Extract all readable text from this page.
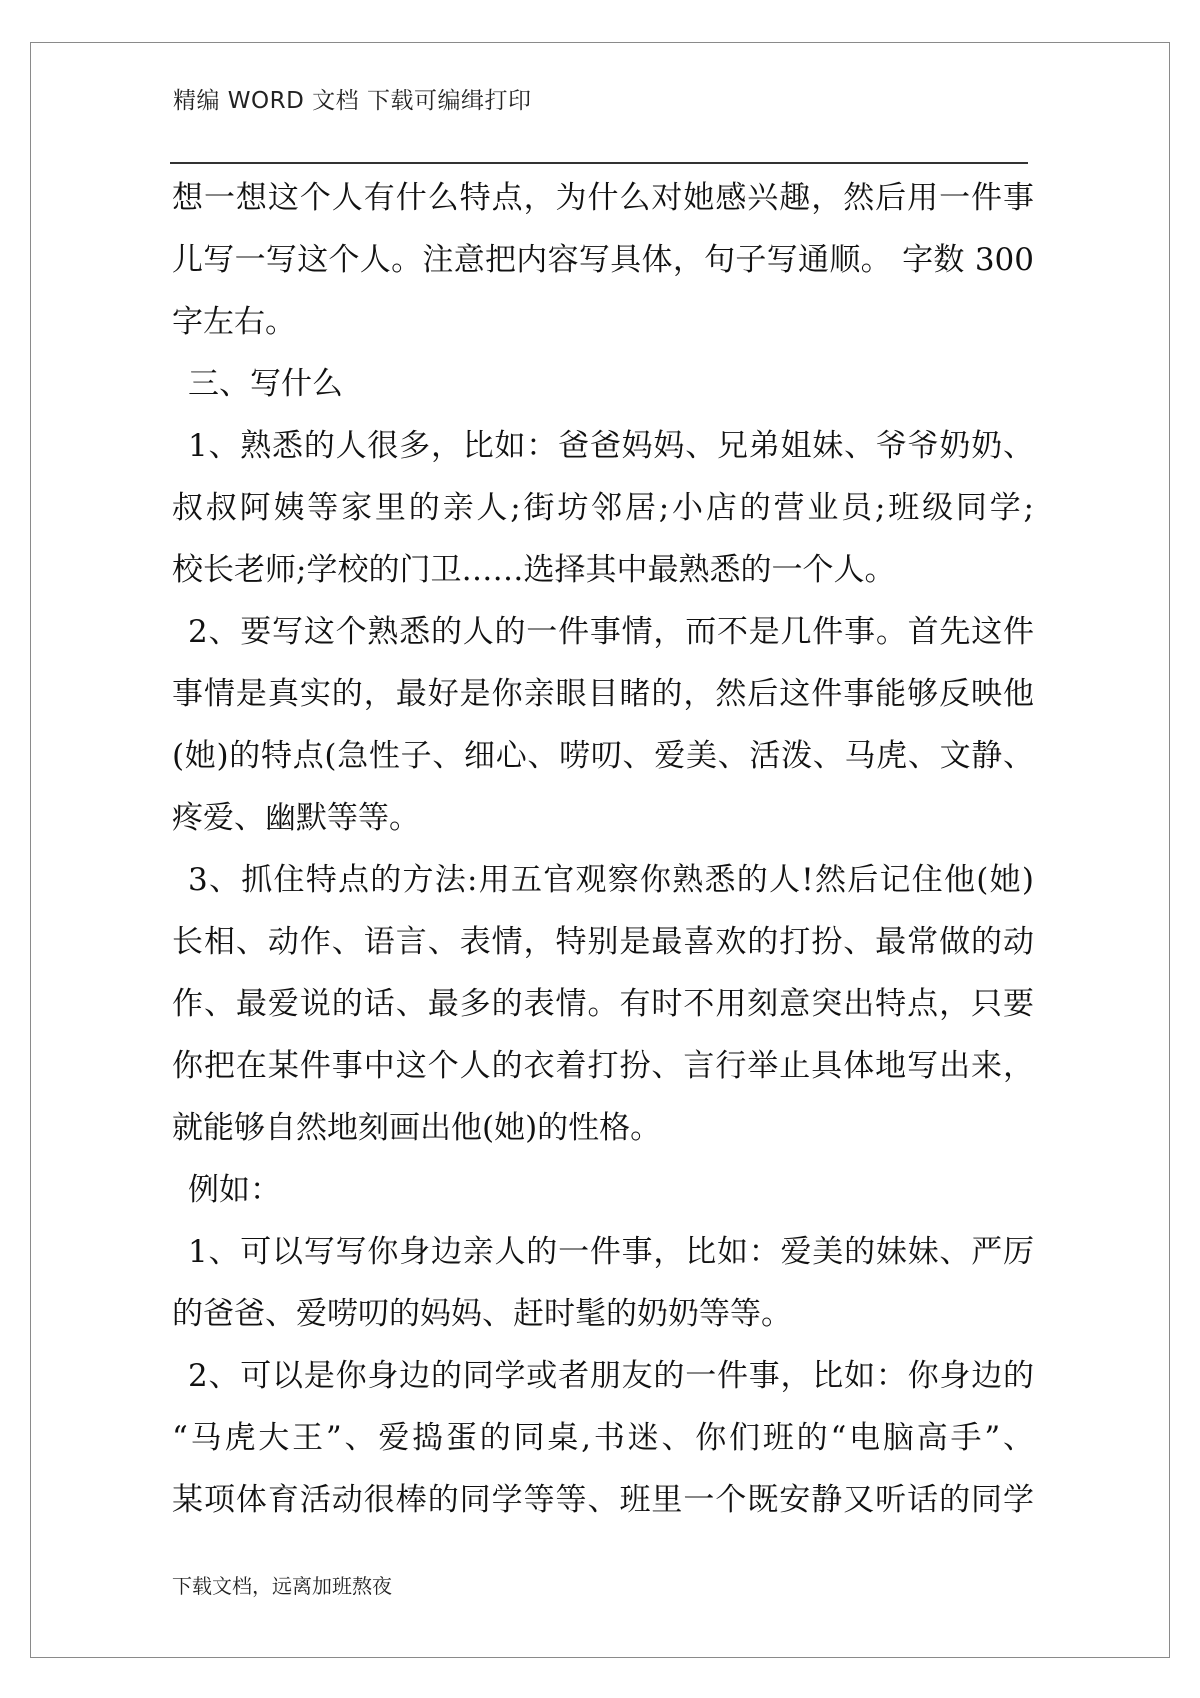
精编 WORD 文档 下载可编缉打印
想一想这个人有什么特点，为什么对她感兴趣，然后用一件事
儿写一写这个人。注意把内容写具体，句子写通顺。 字数 300
字左右。
三、写什么
1、熟悉的人很多，比如：爸爸妈妈、兄弟姐妹、爷爷奶奶、
叔叔阿姨等家里的亲人;街坊邻居;小店的营业员;班级同学;
校长老师;学校的门卫……选择其中最熟悉的一个人。
2、要写这个熟悉的人的一件事情，而不是几件事。首先这件
事情是真实的，最好是你亲眼目睹的，然后这件事能够反映他
(她)的特点(急性子、细心、唠叨、爱美、活泼、马虎、文静、
疼爱、幽默等等。
3、抓住特点的方法:用五官观察你熟悉的人!然后记住他(她)
长相、动作、语言、表情，特别是最喜欢的打扮、最常做的动
作、最爱说的话、最多的表情。有时不用刻意突出特点，只要
你把在某件事中这个人的衣着打扮、言行举止具体地写出来，
就能够自然地刻画出他(她)的性格。
例如：
1、可以写写你身边亲人的一件事，比如：爱美的妹妹、严厉
的爸爸、爱唠叨的妈妈、赶时髦的奶奶等等。
2、可以是你身边的同学或者朋友的一件事，比如：你身边的
“马虎大王”、爱捣蛋的同桌,书迷、你们班的“电脑高手”、
某项体育活动很棒的同学等等、班里一个既安静又听话的同学
下载文档，远离加班熬夜
